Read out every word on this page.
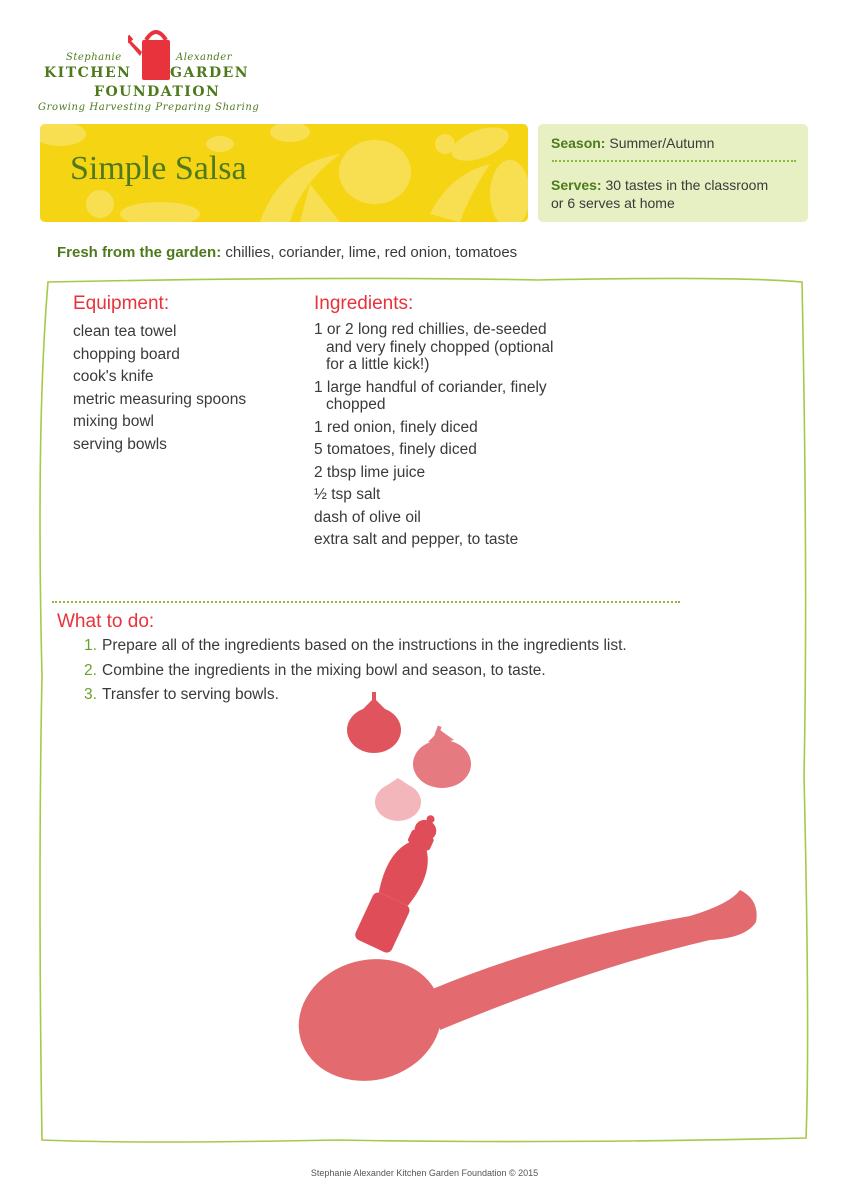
Stephanie	Alexander
KITCHEN	GARDEN
FOUNDATION
Growing Harvesting Preparing Sharing
Simple Salsa
Season: Summer/Autumn
Serves: 30 tastes in the classroom
or 6 serves at home
Fresh from the garden: chillies, coriander, lime, red onion, tomatoes
Equipment:
clean tea towel
chopping board
cook's knife
metric measuring spoons
mixing bowl
serving bowls
Ingredients:
1 or 2 long red chillies, de-seeded and very finely chopped (optional for a little kick!)
1 large handful of coriander, finely chopped
1 red onion, finely diced
5 tomatoes, finely diced
2 tbsp lime juice
½ tsp salt
dash of olive oil
extra salt and pepper, to taste
What to do:
1. Prepare all of the ingredients based on the instructions in the ingredients list.
2. Combine the ingredients in the mixing bowl and season, to taste.
3. Transfer to serving bowls.
Stephanie Alexander Kitchen Garden Foundation © 2015
